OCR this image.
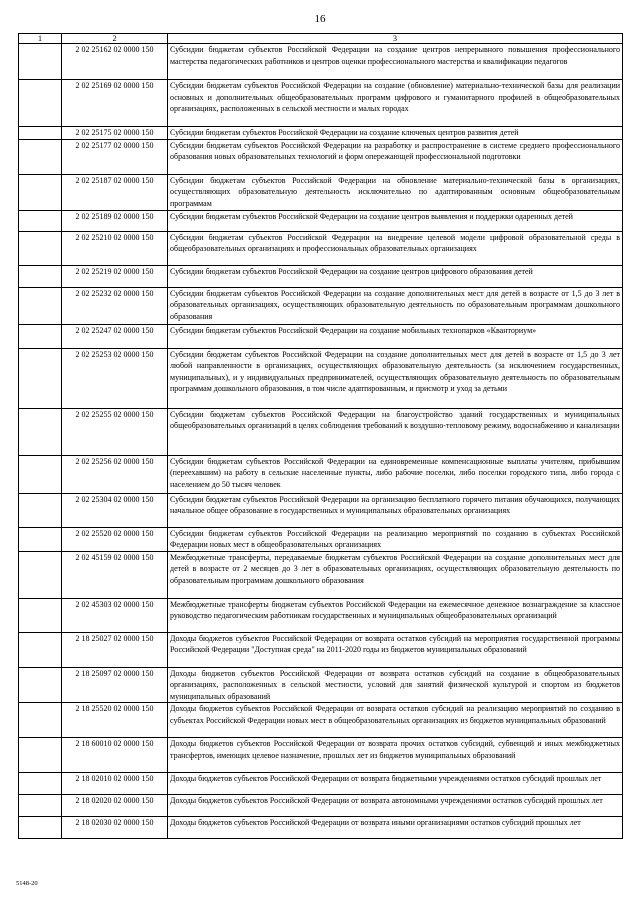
16
1	2	3
	2 02 25162 02 0000 150	Субсидии бюджетам субъектов Российской Федерации на создание центров непрерывного повышения профессионального мастерства педагогических работников и центров оценки профессионального мастерства и квалификации педагогов
	2 02 25169 02 0000 150	Субсидии бюджетам субъектов Российской Федерации на создание (обновление) материально-технической базы для реализации основных и дополнительных общеобразовательных программ цифрового и гуманитарного профилей в общеобразовательных организациях, расположенных в сельской местности и малых городах
	2 02 25175 02 0000 150	Субсидии бюджетам субъектов Российской Федерации на создание ключевых центров развития детей
	2 02 25177 02 0000 150	Субсидии бюджетам субъектов Российской Федерации на разработку и распространение в системе среднего профессионального образования новых образовательных технологий и форм опережающей профессиональной подготовки
	2 02 25187 02 0000 150	Субсидии бюджетам субъектов Российской Федерации на обновление материально-технической базы в организациях, осуществляющих образовательную деятельность исключительно по адаптированным основным общеобразовательным программам
	2 02 25189 02 0000 150	Субсидии бюджетам субъектов Российской Федерации на создание центров выявления и поддержки одаренных детей
	2 02 25210 02 0000 150	Субсидии бюджетам субъектов Российской Федерации на внедрение целевой модели цифровой образовательной среды в общеобразовательных организациях и профессиональных образовательных организациях
	2 02 25219 02 0000 150	Субсидии бюджетам субъектов Российской Федерации на создание центров цифрового образования детей
	2 02 25232 02 0000 150	Субсидии бюджетам субъектов Российской Федерации на создание дополнительных мест для детей в возрасте от 1,5 до 3 лет в образовательных организациях, осуществляющих образовательную деятельность по образовательным программам дошкольного образования
	2 02 25247 02 0000 150	Субсидии бюджетам субъектов Российской Федерации на создание мобильных технопарков «Кванториум»
	2 02 25253 02 0000 150	Субсидии бюджетам субъектов Российской Федерации на создание дополнительных мест для детей в возрасте от 1,5 до 3 лет любой направленности в организациях, осуществляющих образовательную деятельность (за исключением государственных, муниципальных), и у индивидуальных предпринимателей, осуществляющих образовательную деятельность по образовательным программам дошкольного образования, в том числе адаптированным, и присмотр и уход за детьми
	2 02 25255 02 0000 150	Субсидии бюджетам субъектов Российской Федерации на благоустройство зданий государственных и муниципальных общеобразовательных организаций в целях соблюдения требований к воздушно-тепловому режиму, водоснабжению и канализации
	2 02 25256 02 0000 150	Субсидии бюджетам субъектов Российской Федерации на единовременные компенсационные выплаты учителям, прибывшим (переехавшим) на работу в сельские населенные пункты, либо рабочие поселки, либо поселки городского типа, либо города с населением до 50 тысяч человек
	2 02 25304 02 0000 150	Субсидии бюджетам субъектов Российской Федерации на организацию бесплатного горячего питания обучающихся, получающих начальное общее образование в государственных и муниципальных образовательных организациях
	2 02 25520 02 0000 150	Субсидии бюджетам субъектов Российской Федерации на реализацию мероприятий по созданию в субъектах Российской Федерации новых мест в общеобразовательных организациях
	2 02 45159 02 0000 150	Межбюджетные трансферты, передаваемые бюджетам субъектов Российской Федерации на создание дополнительных мест для детей в возрасте от 2 месяцев до 3 лет в образовательных организациях, осуществляющих образовательную деятельность по образовательным программам дошкольного образования
	2 02 45303 02 0000 150	Межбюджетные трансферты бюджетам субъектов Российской Федерации на ежемесячное денежное вознаграждение за классное руководство педагогическим работникам государственных и муниципальных общеобразовательных организаций
	2 18 25027 02 0000 150	Доходы бюджетов субъектов Российской Федерации от возврата остатков субсидий на мероприятия государственной программы Российской Федерации "Доступная среда" на 2011-2020 годы из бюджетов муниципальных образований
	2 18 25097 02 0000 150	Доходы бюджетов субъектов Российской Федерации от возврата остатков субсидий на создание в общеобразовательных организациях, расположенных в сельской местности, условий для занятий физической культурой и спортом из бюджетов муниципальных образований
	2 18 25520 02 0000 150	Доходы бюджетов субъектов Российской Федерации от возврата остатков субсидий на реализацию мероприятий по созданию в субъектах Российской Федерации новых мест в общеобразовательных организациях из бюджетов муниципальных образований
	2 18 60010 02 0000 150	Доходы бюджетов субъектов Российской Федерации от возврата прочих остатков субсидий, субвенций и иных межбюджетных трансфертов, имеющих целевое назначение, прошлых лет из бюджетов муниципальных образований
	2 18 02010 02 0000 150	Доходы бюджетов субъектов Российской Федерации от возврата бюджетными учреждениями остатков субсидий прошлых лет
	2 18 02020 02 0000 150	Доходы бюджетов субъектов Российской Федерации от возврата автономными учреждениями остатков субсидий прошлых лет
	2 18 02030 02 0000 150	Доходы бюджетов субъектов Российской Федерации от возврата иными организациями остатков субсидий прошлых лет
5148-20
